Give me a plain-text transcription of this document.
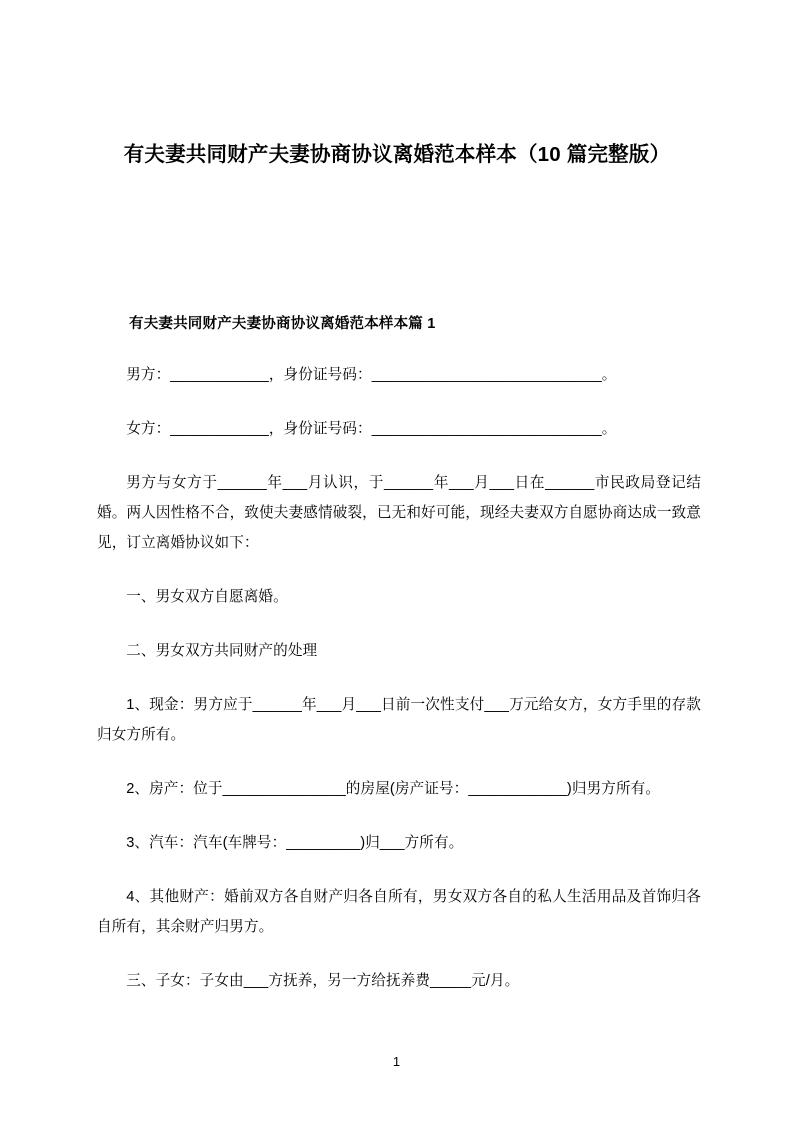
有夫妻共同财产夫妻协商协议离婚范本样本（10 篇完整版）
有夫妻共同财产夫妻协商协议离婚范本样本篇 1

男方：____________，身份证号码：____________________________。

女方：____________，身份证号码：____________________________。

男方与女方于______年___月认识，于______年___月___日在______市民政局登记结婚。两人因性格不合，致使夫妻感情破裂，已无和好可能，现经夫妻双方自愿协商达成一致意见，订立离婚协议如下：

一、男女双方自愿离婚。

二、男女双方共同财产的处理

1、现金：男方应于______年___月___日前一次性支付___万元给女方，女方手里的存款归女方所有。

2、房产：位于_______________的房屋(房产证号：____________)归男方所有。

3、汽车：汽车(车牌号：_________)归___方所有。

4、其他财产：婚前双方各自财产归各自所有，男女双方各自的私人生活用品及首饰归各自所有，其余财产归男方。

三、子女：子女由___方抚养，另一方给抚养费_____元/月。

1
